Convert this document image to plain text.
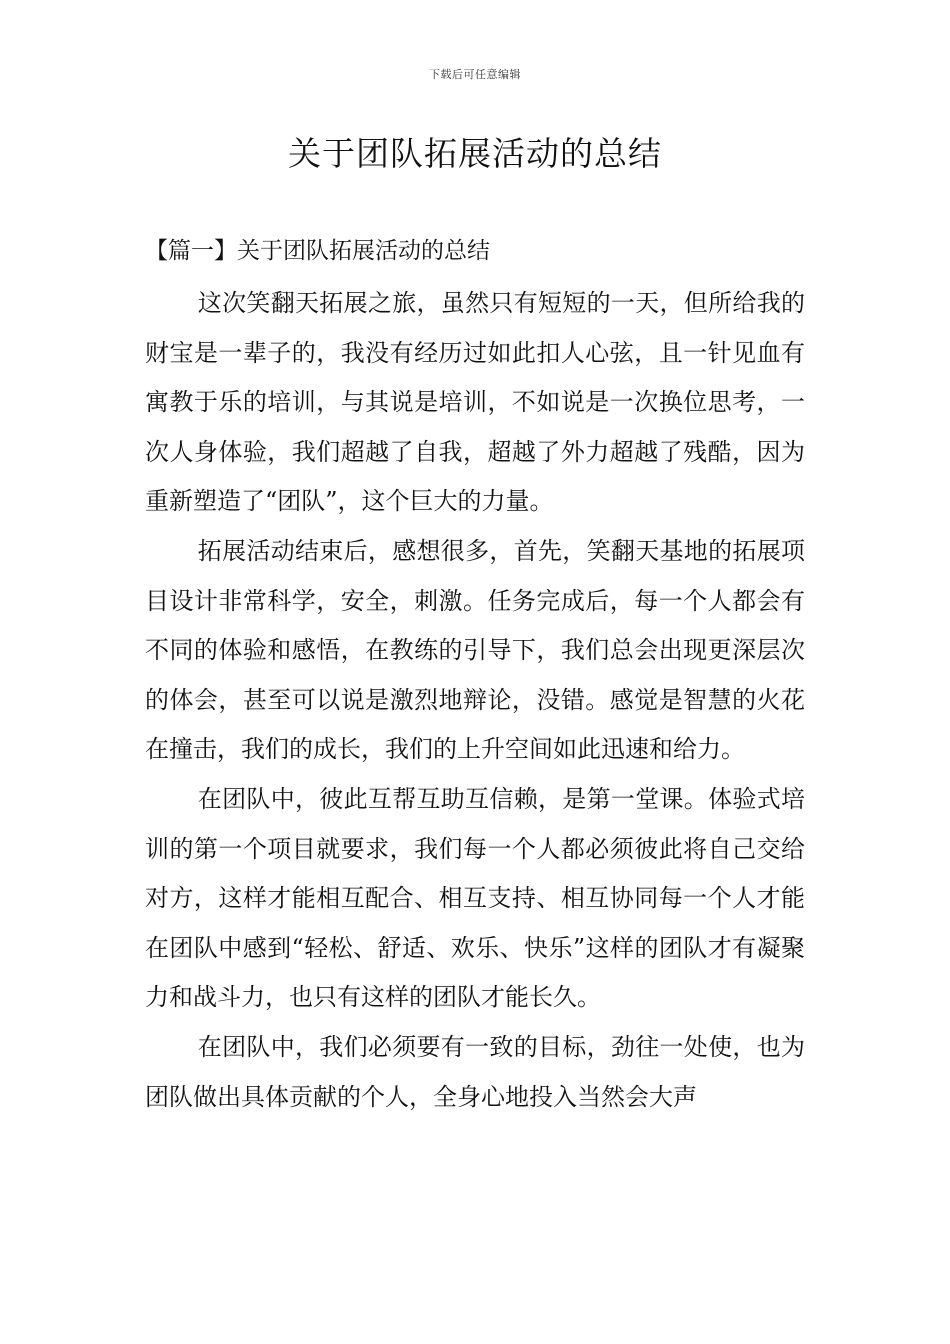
下载后可任意编辑
关于团队拓展活动的总结
【篇一】关于团队拓展活动的总结

这次笑翻天拓展之旅，虽然只有短短的一天，但所给我的财宝是一辈子的，我没有经历过如此扣人心弦，且一针见血有寓教于乐的培训，与其说是培训，不如说是一次换位思考，一次人身体验，我们超越了自我，超越了外力超越了残酷，因为重新塑造了“团队”，这个巨大的力量。

拓展活动结束后，感想很多，首先，笑翻天基地的拓展项目设计非常科学，安全，刺激。任务完成后，每一个人都会有不同的体验和感悟，在教练的引导下，我们总会出现更深层次的体会，甚至可以说是激烈地辩论，没错。感觉是智慧的火花在撞击，我们的成长，我们的上升空间如此迅速和给力。

在团队中，彼此互帮互助互信赖，是第一堂课。体验式培训的第一个项目就要求，我们每一个人都必须彼此将自己交给对方，这样才能相互配合、相互支持、相互协同每一个人才能在团队中感到“轻松、舒适、欢乐、快乐”这样的团队才有凝聚力和战斗力，也只有这样的团队才能长久。

在团队中，我们必须要有一致的目标，劲往一处使，也为团队做出具体贡献的个人，全身心地投入当然会大声
